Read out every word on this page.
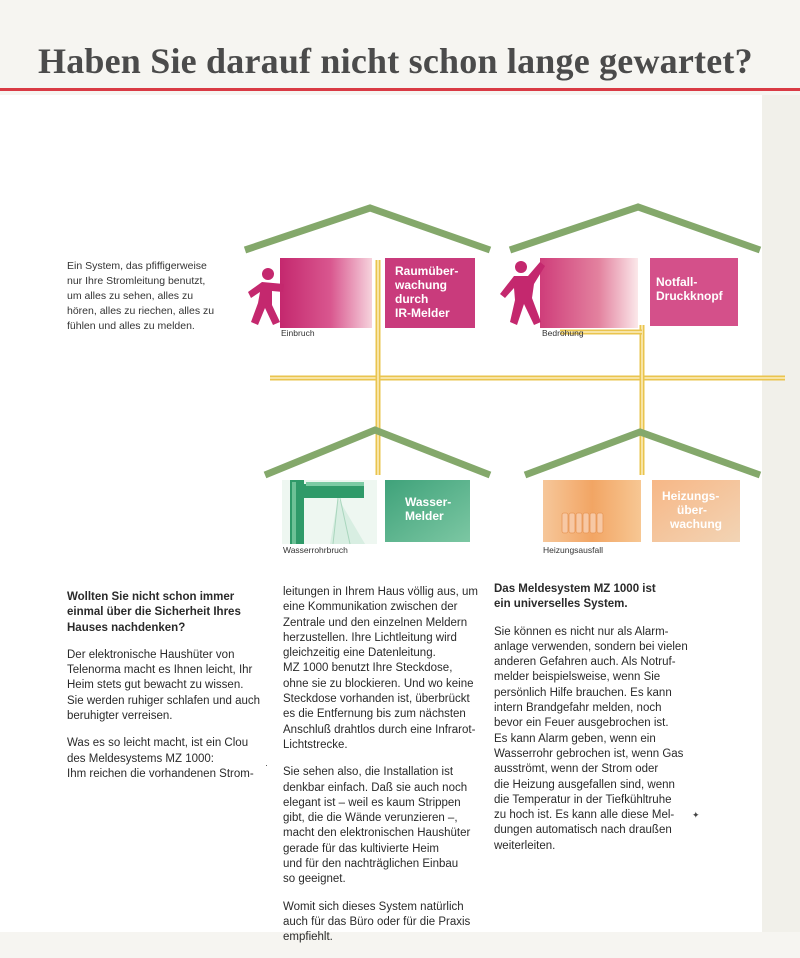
Haben Sie darauf nicht schon lange gewartet?
Ein System, das pfiffigerweise
nur Ihre Stromleitung benutzt,
um alles zu sehen, alles zu
hören, alles zu riechen, alles zu
fühlen und alles zu melden.
Raumüber- wachung durch IR-Melder
Einbruch
Notfall- Druckknopf
Bedrohung
Wasser- Melder
Wasserrohrbruch
Heizungs- über- wachung
Heizungsausfall

Wollten Sie nicht schon immer
einmal über die Sicherheit Ihres
Hauses nachdenken?

Der elektronische Haushüter von
Telenorma macht es Ihnen leicht, Ihr
Heim stets gut bewacht zu wissen.
Sie werden ruhiger schlafen und auch
beruhigter verreisen.

Was es so leicht macht, ist ein Clou
des Meldesystems MZ 1000:
Ihm reichen die vorhandenen Strom-

leitungen in Ihrem Haus völlig aus, um
eine Kommunikation zwischen der
Zentrale und den einzelnen Meldern
herzustellen. Ihre Lichtleitung wird
gleichzeitig eine Datenleitung.
MZ 1000 benutzt Ihre Steckdose,
ohne sie zu blockieren. Und wo keine
Steckdose vorhanden ist, überbrückt
es die Entfernung bis zum nächsten
Anschluß drahtlos durch eine Infrarot-
Lichtstrecke.

Sie sehen also, die Installation ist
denkbar einfach. Daß sie auch noch
elegant ist – weil es kaum Strippen
gibt, die die Wände verunzieren –,
macht den elektronischen Haushüter
gerade für das kultivierte Heim
und für den nachträglichen Einbau
so geeignet.

Womit sich dieses System natürlich
auch für das Büro oder für die Praxis
empfiehlt.

Das Meldesystem MZ 1000 ist
ein universelles System.

Sie können es nicht nur als Alarm-
anlage verwenden, sondern bei vielen
anderen Gefahren auch. Als Notruf-
melder beispielsweise, wenn Sie
persönlich Hilfe brauchen. Es kann
intern Brandgefahr melden, noch
bevor ein Feuer ausgebrochen ist.
Es kann Alarm geben, wenn ein
Wasserrohr gebrochen ist, wenn Gas
ausströmt, wenn der Strom oder
die Heizung ausgefallen sind, wenn
die Temperatur in der Tiefkühltruhe
zu hoch ist. Es kann alle diese Mel-
dungen automatisch nach draußen
weiterleiten.

✦
·
